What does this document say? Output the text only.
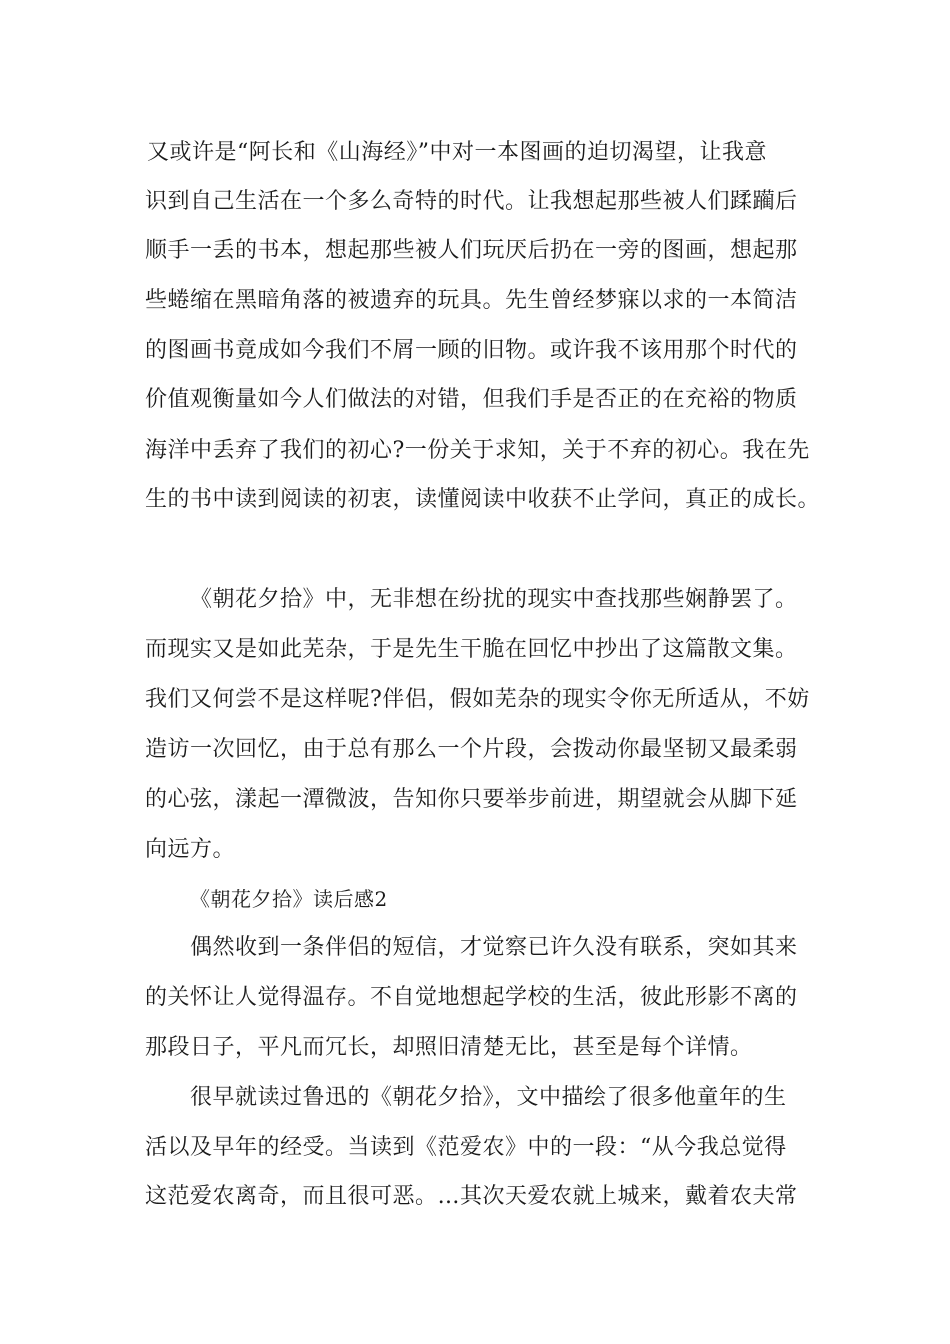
又或许是“阿长和《山海经》”中对一本图画的迫切渴望，让我意
识到自己生活在一个多么奇特的时代。让我想起那些被人们蹂躏后
顺手一丢的书本，想起那些被人们玩厌后扔在一旁的图画，想起那
些蜷缩在黑暗角落的被遗弃的玩具。先生曾经梦寐以求的一本简洁
的图画书竟成如今我们不屑一顾的旧物。或许我不该用那个时代的
价值观衡量如今人们做法的对错，但我们手是否正的在充裕的物质
海洋中丢弃了我们的初心?一份关于求知，关于不弃的初心。我在先
生的书中读到阅读的初衷，读懂阅读中收获不止学问，真正的成长。
《朝花夕拾》中，无非想在纷扰的现实中查找那些娴静罢了。
而现实又是如此芜杂，于是先生干脆在回忆中抄出了这篇散文集。
我们又何尝不是这样呢?伴侣，假如芜杂的现实令你无所适从，不妨
造访一次回忆，由于总有那么一个片段，会拨动你最坚韧又最柔弱
的心弦，漾起一潭微波，告知你只要举步前进，期望就会从脚下延
向远方。
《朝花夕拾》读后感2
偶然收到一条伴侣的短信，才觉察已许久没有联系，突如其来
的关怀让人觉得温存。不自觉地想起学校的生活，彼此形影不离的
那段日子，平凡而冗长，却照旧清楚无比，甚至是每个详情。
很早就读过鲁迅的《朝花夕拾》，文中描绘了很多他童年的生
活以及早年的经受。当读到《范爱农》中的一段：“从今我总觉得
这范爱农离奇，而且很可恶。…其次天爱农就上城来，戴着农夫常
